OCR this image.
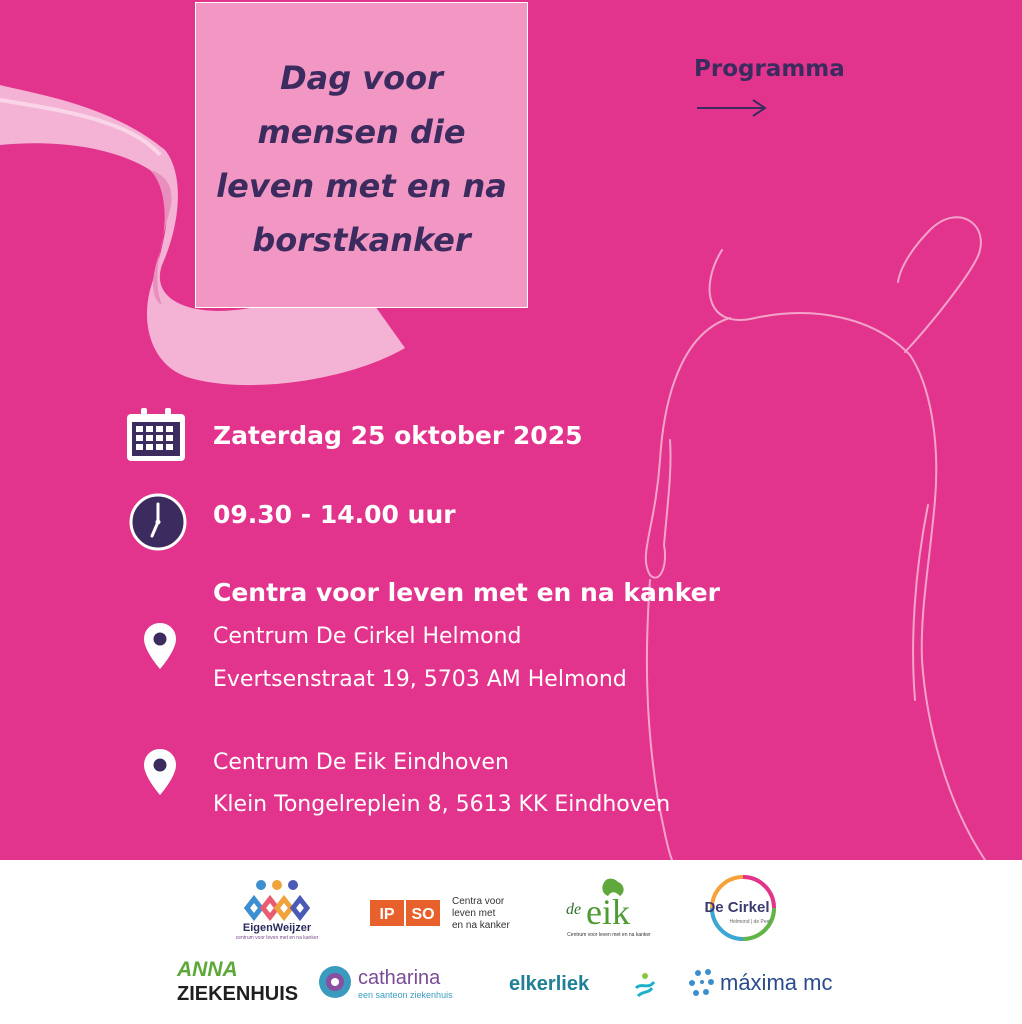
Dag voor mensen die leven met en na borstkanker
Programma
Zaterdag 25 oktober 2025
09.30 - 14.00 uur
Centra voor leven met en na kanker
Centrum De Cirkel Helmond
Evertsenstraat 19, 5703 AM Helmond
Centrum De Eik Eindhoven
Klein Tongelreplein 8, 5613 KK Eindhoven
EigenWeijzer
centrum voor leven met en na kanker
IP SO
Centra voor
leven met
en na kanker
de eik
Centrum voor leven met en na kanker
De Cirkel
Helmond | de Peel
ANNA
ZIEKENHUIS
catharina
een santeon ziekenhuis	elkerliek	máxima mc
